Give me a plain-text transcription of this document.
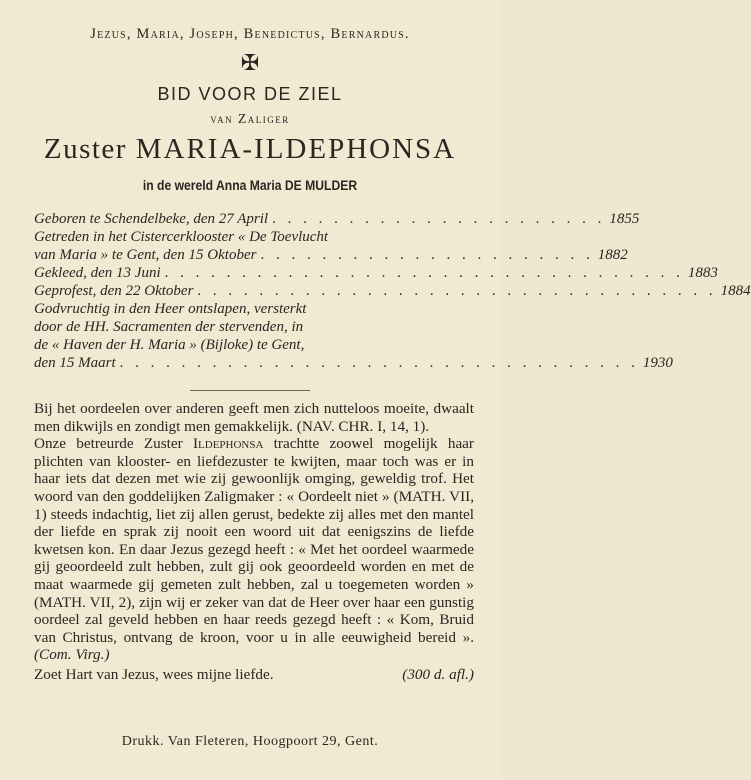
Jezus, Maria, Joseph, Benedictus, Bernardus.
✠
BID VOOR DE ZIEL
van Zaliger
Zuster MARIA-ILDEPHONSA
in de wereld Anna Maria DE MULDER
Geboren te Schendelbeke, den 27 April . . . . . . . . . . . . . . . . . . . . . . 1855
Getreden in het Cistercerklooster « De Toevlucht
van Maria » te Gent, den 15 Oktober . . . . . . . . . . . . . . . . . . . . . . 1882
Gekleed, den 13 Juni . . . . . . . . . . . . . . . . . . . . . . . . . . . . . . . . . . 1883
Geprofest, den 22 Oktober . . . . . . . . . . . . . . . . . . . . . . . . . . . . . . . . . . 1884
Godvruchtig in den Heer ontslapen, versterkt
door de HH. Sacramenten der stervenden, in
de « Haven der H. Maria » (Bijloke) te Gent,
den 15 Maart . . . . . . . . . . . . . . . . . . . . . . . . . . . . . . . . . . 1930

Bij het oordeelen over anderen geeft men zich nutteloos moeite, dwaalt men dikwijls en zondigt men gemakkelijk. (NAV. CHR. I, 14, 1).

Onze betreurde Zuster Ildephonsa trachtte zoowel mogelijk haar plichten van klooster- en liefdezuster te kwijten, maar toch was er in haar iets dat dezen met wie zij gewoonlijk omging, geweldig trof. Het woord van den goddelijken Zaligmaker : « Oordeelt niet » (MATH. VII, 1) steeds indachtig, liet zij allen gerust, bedekte zij alles met den mantel der liefde en sprak zij nooit een woord uit dat eenigszins de liefde kwetsen kon. En daar Jezus gezegd heeft : « Met het oordeel waarmede gij geoordeeld zult hebben, zult gij ook geoordeeld worden en met de maat waarmede gij gemeten zult hebben, zal u toegemeten worden » (MATH. VII, 2), zijn wij er zeker van dat de Heer over haar een gunstig oordeel zal geveld hebben en haar reeds gezegd heeft : « Kom, Bruid van Christus, ontvang de kroon, voor u in alle eeuwigheid bereid ». (Com. Virg.)

Zoet Hart van Jezus, wees mijne liefde.	(300 d. afl.)
Drukk. Van Fleteren, Hoogpoort 29, Gent.
